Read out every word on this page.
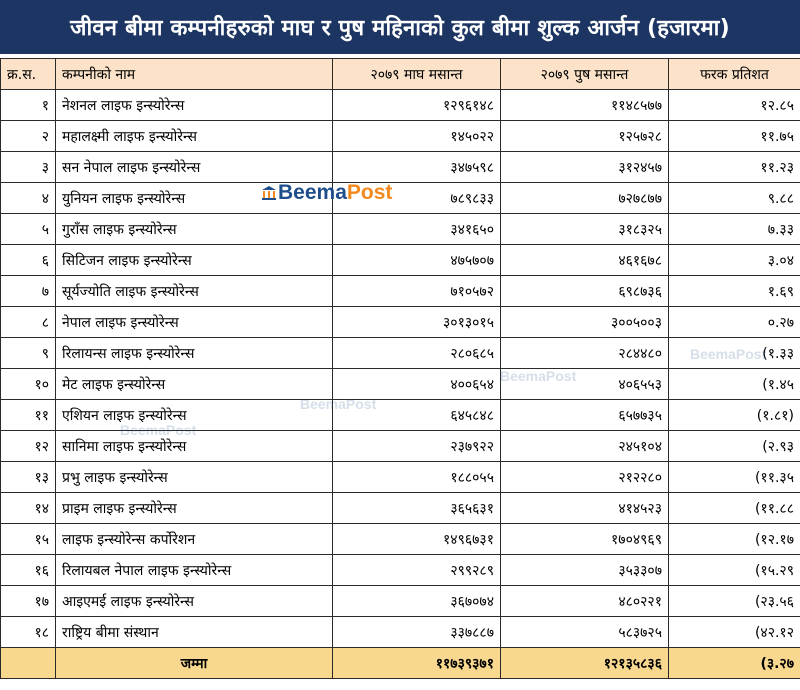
जीवन बीमा कम्पनीहरुको माघ र पुष महिनाको कुल बीमा शुल्क आर्जन (हजारमा)
क्र.स.	कम्पनीको नाम	२०७९ माघ मसान्त	२०७९ पुष मसान्त	फरक प्रतिशत
१	नेशनल लाइफ इन्स्योरेन्स	१२९६१४८	११४८५७७	१२.८५
२	महालक्ष्मी लाइफ इन्स्योरेन्स	१४५०२२	१२५७२८	११.७५
३	सन नेपाल लाइफ इन्स्योरेन्स	३४७५९८	३१२४५७	११.२३
४	युनियन लाइफ इन्स्योरेन्स	७८९८३३	७२७८७७	९.८८
५	गुराँस लाइफ इन्स्योरेन्स	३४१६५०	३१८३२५	७.३३
६	सिटिजन लाइफ इन्स्योरेन्स	४७५७०७	४६१६७८	३.०४
७	सूर्यज्योति लाइफ इन्स्योरेन्स	७१०५७२	६९८७३६	१.६९
८	नेपाल लाइफ इन्स्योरेन्स	३०१३०१५	३००५००३	०.२७
९	रिलायन्स लाइफ इन्स्योरेन्स	२८०६८५	२८४४८०	(१.३३
१०	मेट लाइफ इन्स्योरेन्स	४००६५४	४०६५५३	(१.४५
११	एशियन लाइफ इन्स्योरेन्स	६४५८४८	६५७७३५	(१.८१)
१२	सानिमा लाइफ इन्स्योरेन्स	२३७९२२	२४५१०४	(२.९३
१३	प्रभु लाइफ इन्स्योरेन्स	१८८०५५	२१२२८०	(११.३५
१४	प्राइम लाइफ इन्स्योरेन्स	३६५६३१	४१४५२३	(११.८८
१५	लाइफ इन्स्योरेन्स कर्पोरेशन	१४९६७३१	१७०४९६९	(१२.१७
१६	रिलायबल नेपाल लाइफ इन्स्योरेन्स	२९९२८९	३५३३०७	(१५.२९
१७	आइएमई लाइफ इन्स्योरेन्स	३६७०७४	४८०२२१	(२३.५६
१८	राष्ट्रिय बीमा संस्थान	३३७८८७	५८३७२५	(४२.१२
	जम्मा	११७३९३७१	१२१३५८३६	(३.२७
BeemaPost
BeemaPost
BeemaPost
BeemaPost
BeemaPost
